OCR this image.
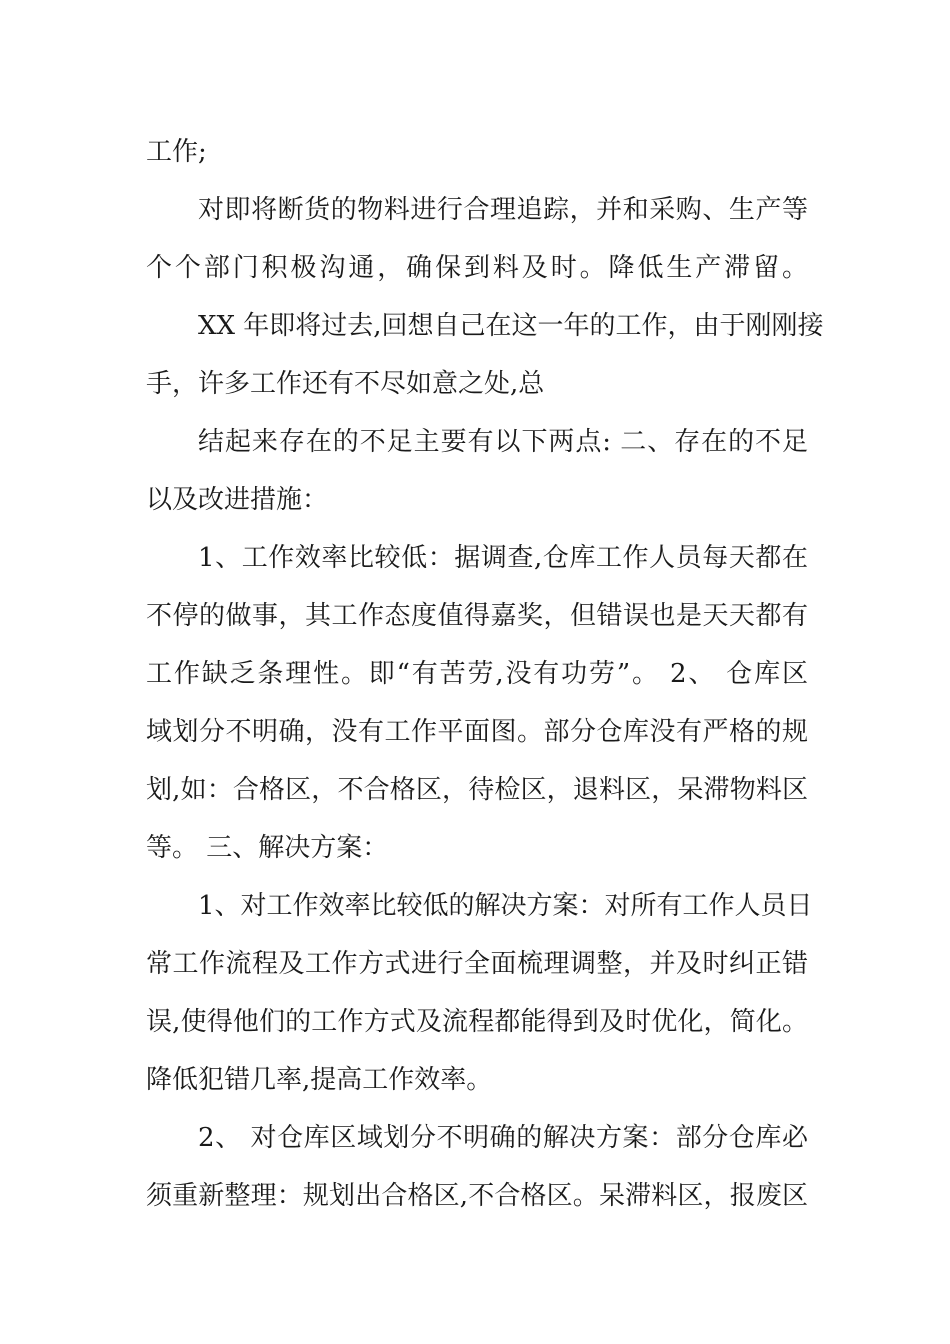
工作;
对即将断货的物料进行合理追踪，并和采购、生产等
个个部门积极沟通，确保到料及时。降低生产滞留。
XX 年即将过去,回想自己在这一年的工作，由于刚刚接
手，许多工作还有不尽如意之处,总
结起来存在的不足主要有以下两点: 二、存在的不足
以及改进措施：
1、工作效率比较低：据调查,仓库工作人员每天都在
不停的做事，其工作态度值得嘉奖，但错误也是天天都有
工作缺乏条理性。即“有苦劳,没有功劳”。 2、 仓库区
域划分不明确，没有工作平面图。部分仓库没有严格的规
划,如：合格区，不合格区，待检区，退料区，呆滞物料区
等。 三、解决方案：
1、对工作效率比较低的解决方案：对所有工作人员日
常工作流程及工作方式进行全面梳理调整，并及时纠正错
误,使得他们的工作方式及流程都能得到及时优化，简化。
降低犯错几率,提高工作效率。
2、 对仓库区域划分不明确的解决方案：部分仓库必
须重新整理：规划出合格区,不合格区。呆滞料区，报废区
